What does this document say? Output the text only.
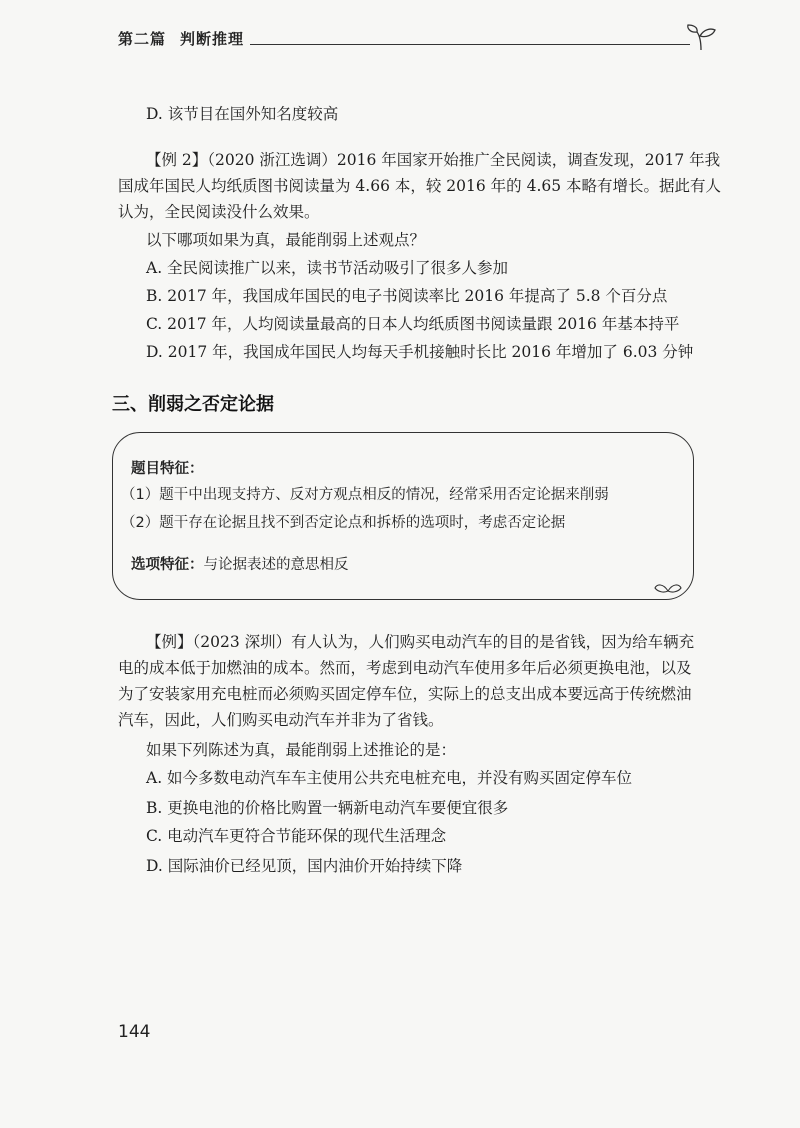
第二篇 判断推理
D. 该节目在国外知名度较高
【例 2】（2020 浙江选调）2016 年国家开始推广全民阅读，调查发现，2017 年我
国成年国民人均纸质图书阅读量为 4.66 本，较 2016 年的 4.65 本略有增长。据此有人
认为，全民阅读没什么效果。
以下哪项如果为真，最能削弱上述观点？
A. 全民阅读推广以来，读书节活动吸引了很多人参加
B. 2017 年，我国成年国民的电子书阅读率比 2016 年提高了 5.8 个百分点
C. 2017 年，人均阅读量最高的日本人均纸质图书阅读量跟 2016 年基本持平
D. 2017 年，我国成年国民人均每天手机接触时长比 2016 年增加了 6.03 分钟
三、削弱之否定论据
题目特征：
（1）题干中出现支持方、反对方观点相反的情况，经常采用否定论据来削弱
（2）题干存在论据且找不到否定论点和拆桥的选项时，考虑否定论据
选项特征：与论据表述的意思相反
【例】（2023 深圳）有人认为，人们购买电动汽车的目的是省钱，因为给车辆充
电的成本低于加燃油的成本。然而，考虑到电动汽车使用多年后必须更换电池，以及
为了安装家用充电桩而必须购买固定停车位，实际上的总支出成本要远高于传统燃油
汽车，因此，人们购买电动汽车并非为了省钱。
如果下列陈述为真，最能削弱上述推论的是：
A. 如今多数电动汽车车主使用公共充电桩充电，并没有购买固定停车位
B. 更换电池的价格比购置一辆新电动汽车要便宜很多
C. 电动汽车更符合节能环保的现代生活理念
D. 国际油价已经见顶，国内油价开始持续下降
144
